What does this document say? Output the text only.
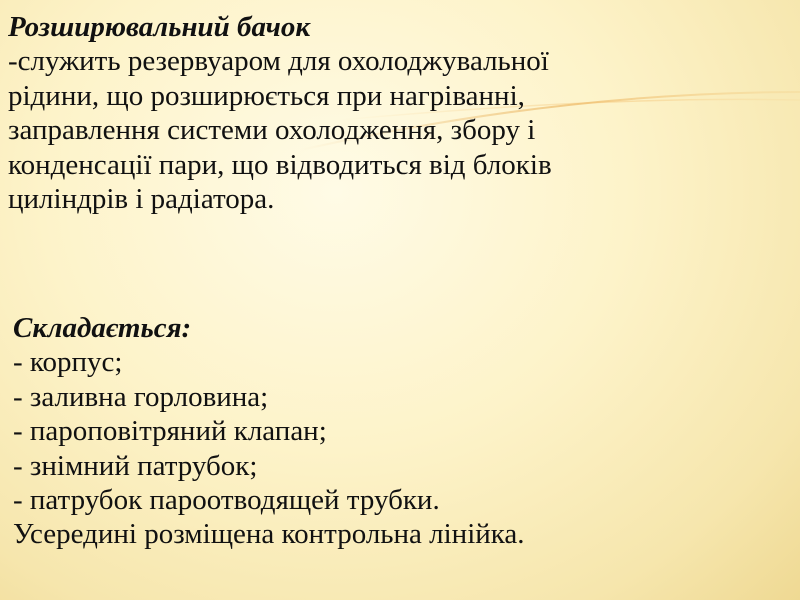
Розширювальний бачок
-служить резервуаром для охолоджувальної
рідини, що розширюється при нагріванні,
заправлення системи охолодження, збору і
конденсації пари, що відводиться від блоків
циліндрів і радіатора.
Складається:
- корпус;
- заливна горловина;
- пароповітряний клапан;
- знімний патрубок;
- патрубок пароотводящей трубки.
Усередині розміщена контрольна лінійка.
